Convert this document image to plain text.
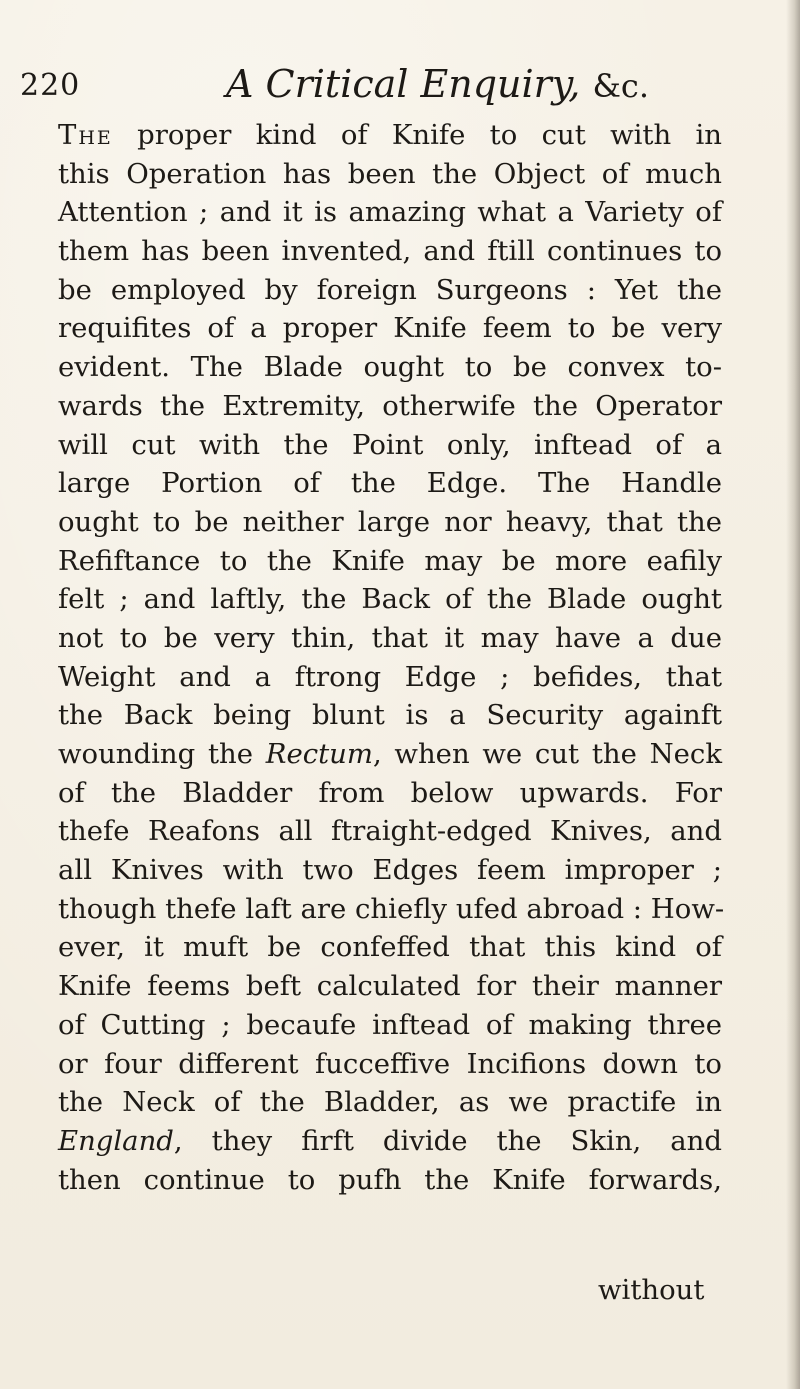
220	A Critical Enquiry, &c.
The proper kind of Knife to cut with in
this Operation has been the Object of much
Attention ; and it is amazing what a Variety of
them has been invented, and ftill continues to
be employed by foreign Surgeons : Yet the
requifites of a proper Knife feem to be very
evident. The Blade ought to be convex to-
wards the Extremity, otherwife the Operator
will cut with the Point only, inftead of a
large Portion of the Edge. The Handle
ought to be neither large nor heavy, that the
Refiftance to the Knife may be more eafily
felt ; and laftly, the Back of the Blade ought
not to be very thin, that it may have a due
Weight and a ftrong Edge ; befides, that
the Back being blunt is a Security againft
wounding the Rectum, when we cut the Neck
of the Bladder from below upwards. For
thefe Reafons all ftraight-edged Knives, and
all Knives with two Edges feem improper ;
though thefe laft are chiefly ufed abroad : How-
ever, it muft be confeffed that this kind of
Knife feems beft calculated for their manner
of Cutting ; becaufe inftead of making three
or four different fucceffive Incifions down to
the Neck of the Bladder, as we practife in
England, they firft divide the Skin, and
then continue to pufh the Knife forwards,
without
